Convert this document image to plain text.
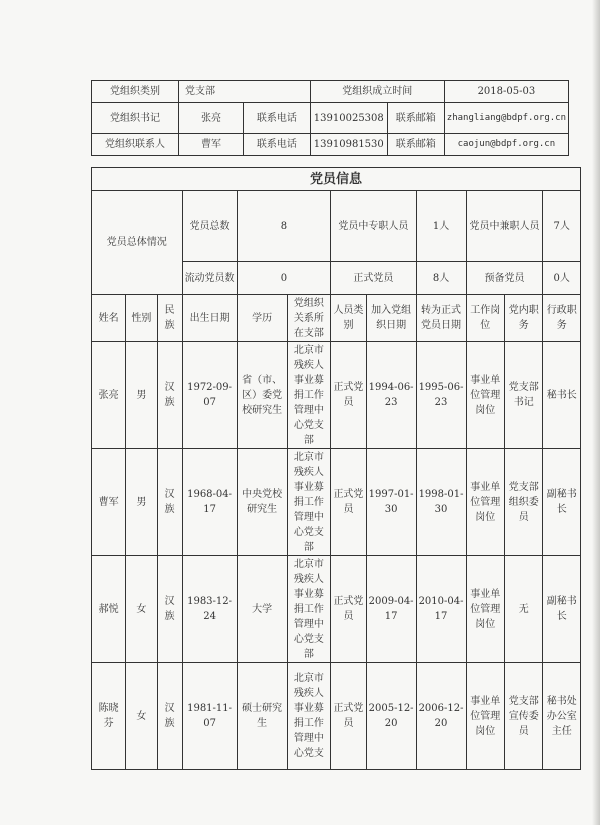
党组织类别	党支部		党组织成立时间		2018-05-03
党组织书记	张亮	联系电话	13910025308	联系邮箱	zhangliang@bdpf.org.cn
党组织联系人	曹军	联系电话	13910981530	联系邮箱	caojun@bdpf.org.cn
党员信息											
党员总体情况			党员总数	8		党员中专职人员		1人	党员中兼职人员		7人
			流动党员数	0		正式党员		8人	预备党员		0人
姓名	性别	民族	出生日期	学历	党组织关系所在支部	人员类别	加入党组织日期	转为正式党员日期	工作岗位	党内职务	行政职务
张亮	男	汉族	1972-09-07	省（市、区）委党校研究生	北京市残疾人事业募捐工作管理中心党支部	正式党员	1994-06-23	1995-06-23	事业单位管理岗位	党支部书记	秘书长
曹军	男	汉族	1968-04-17	中央党校研究生	北京市残疾人事业募捐工作管理中心党支部	正式党员	1997-01-30	1998-01-30	事业单位管理岗位	党支部组织委员	副秘书长
郝悦	女	汉族	1983-12-24	大学	北京市残疾人事业募捐工作管理中心党支部	正式党员	2009-04-17	2010-04-17	事业单位管理岗位	无	副秘书长
陈晓芬	女	汉族	1981-11-07	硕士研究生	北京市残疾人事业募捐工作管理中心党支	正式党员	2005-12-20	2006-12-20	事业单位管理岗位	党支部宣传委员	秘书处办公室主任
